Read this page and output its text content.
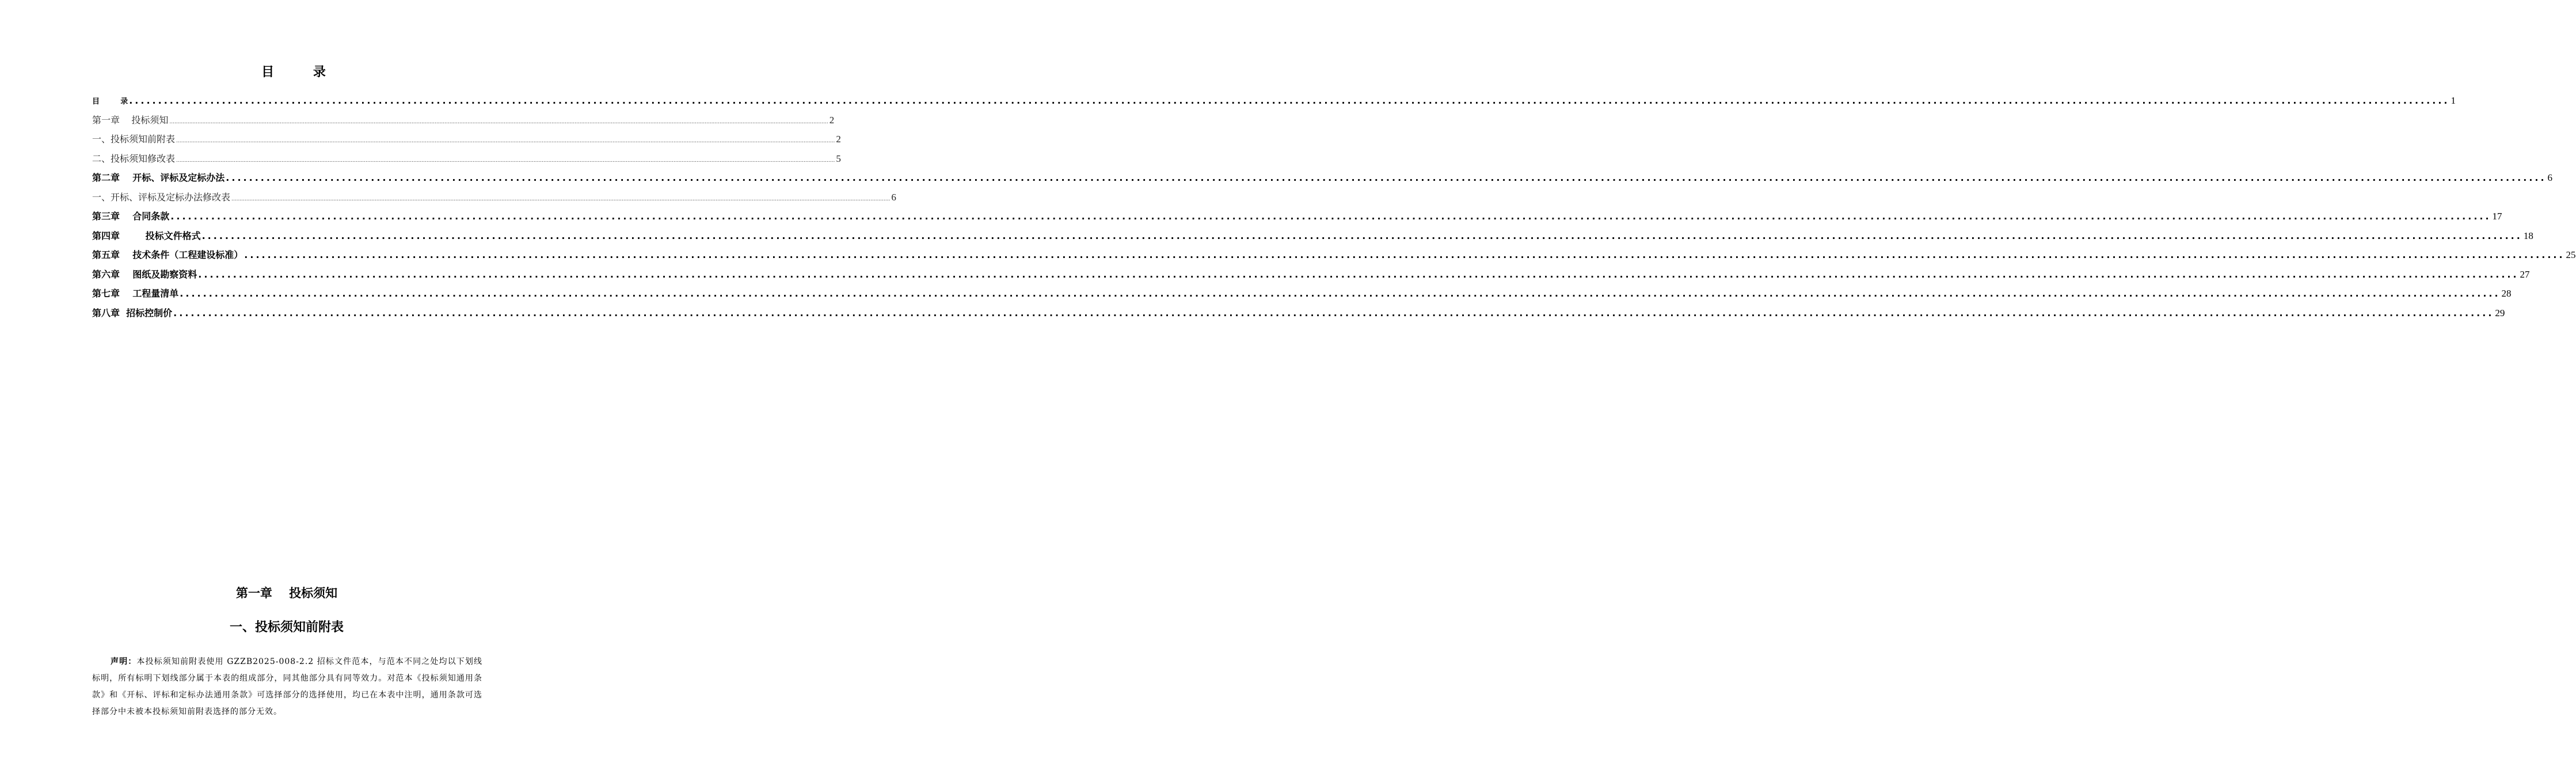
目 录
目        录 ................................................................................................................................................................................................................................................................................................................................................................................................................ 1
第一章    投标须知 ................................................................................................................................................................................................................................................................................................................................................................................................................ 2
一、投标须知前附表 ................................................................................................................................................................................................................................................................................................................................................................................................................ 2
二、投标须知修改表 ................................................................................................................................................................................................................................................................................................................................................................................................................ 5
第二章    开标、评标及定标办法 ................................................................................................................................................................................................................................................................................................................................................................................................................ 6
一、开标、评标及定标办法修改表 ................................................................................................................................................................................................................................................................................................................................................................................................................ 6
第三章    合同条款 ................................................................................................................................................................................................................................................................................................................................................................................................................ 17
第四章        投标文件格式 ................................................................................................................................................................................................................................................................................................................................................................................................................ 18
第五章    技术条件（工程建设标准） ................................................................................................................................................................................................................................................................................................................................................................................................................ 25
第六章    图纸及勘察资料 ................................................................................................................................................................................................................................................................................................................................................................................................................ 27
第七章    工程量清单 ................................................................................................................................................................................................................................................................................................................................................................................................................ 28
第八章  招标控制价 ................................................................................................................................................................................................................................................................................................................................................................................................................ 29
第一章    投标须知
一、投标须知前附表

声明：本投标须知前附表使用 GZZB2025-008-2.2 招标文件范本，与范本不同之处均以下划线标明，所有标明下划线部分属于本表的组成部分，同其他部分具有同等效力。对范本《投标须知通用条款》和《开标、评标和定标办法通用条款》可选择部分的选择使用，均已在本表中注明，通用条款可选择部分中未被本投标须知前附表选择的部分无效。
